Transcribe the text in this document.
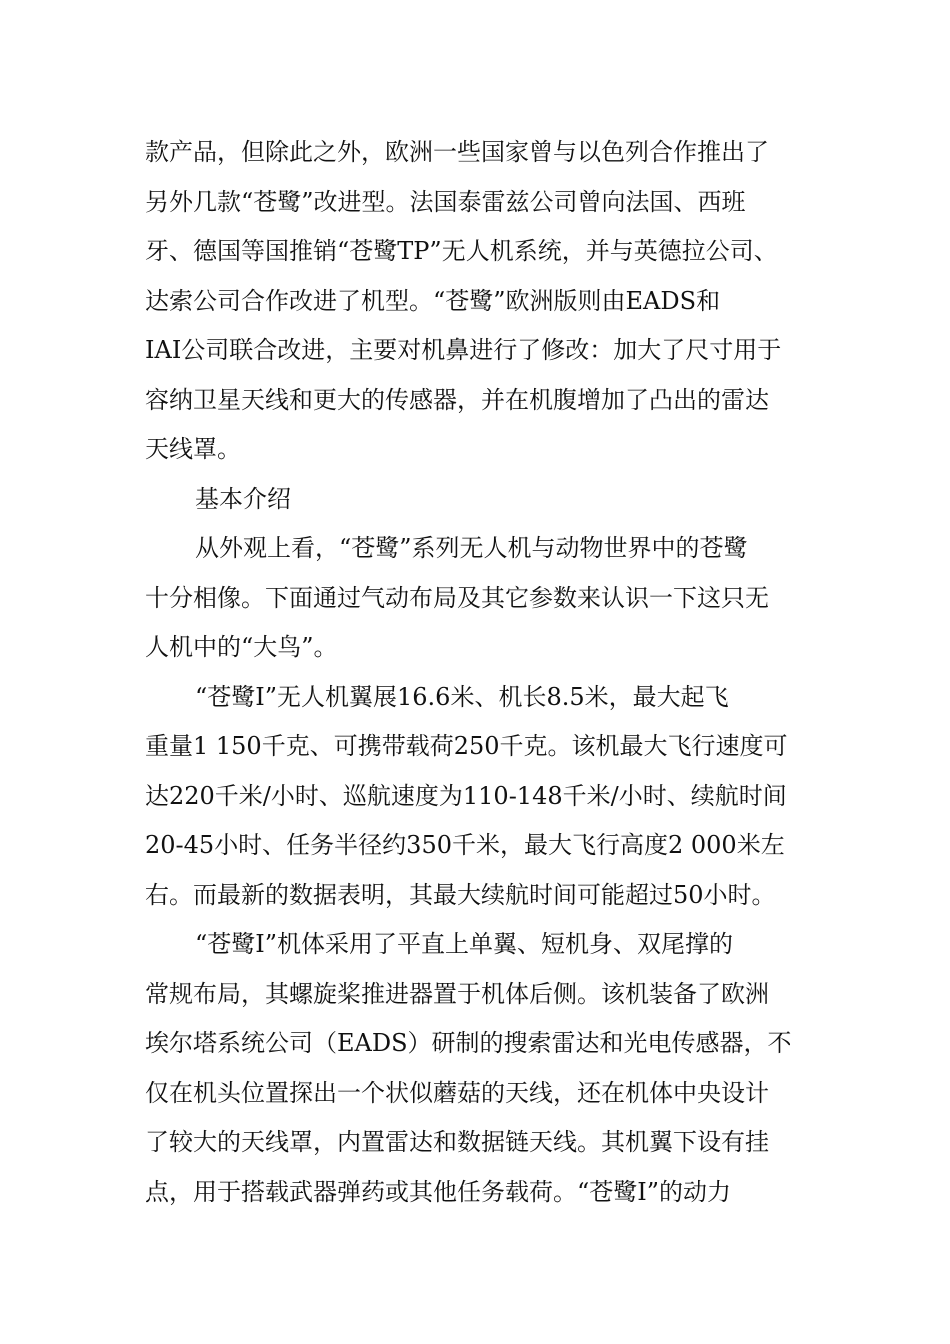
款产品，但除此之外，欧洲一些国家曾与以色列合作推出了
另外几款“苍鹭”改进型。法国泰雷兹公司曾向法国、西班
牙、德国等国推销“苍鹭TP”无人机系统，并与英德拉公司、
达索公司合作改进了机型。“苍鹭”欧洲版则由EADS和
IAI公司联合改进，主要对机鼻进行了修改：加大了尺寸用于
容纳卫星天线和更大的传感器，并在机腹增加了凸出的雷达
天线罩。
基本介绍
从外观上看，“苍鹭”系列无人机与动物世界中的苍鹭
十分相像。下面通过气动布局及其它参数来认识一下这只无
人机中的“大鸟”。
“苍鹭Ⅰ”无人机翼展16.6米、机长8.5米，最大起飞
重量1 150千克、可携带载荷250千克。该机最大飞行速度可
达220千米/小时、巡航速度为110-148千米/小时、续航时间
20-45小时、任务半径约350千米，最大飞行高度2 000米左
右。而最新的数据表明，其最大续航时间可能超过50小时。
“苍鹭Ⅰ”机体采用了平直上单翼、短机身、双尾撑的
常规布局，其螺旋桨推进器置于机体后侧。该机装备了欧洲
埃尔塔系统公司（EADS）研制的搜索雷达和光电传感器，不
仅在机头位置探出一个状似蘑菇的天线，还在机体中央设计
了较大的天线罩，内置雷达和数据链天线。其机翼下设有挂
点，用于搭载武器弹药或其他任务载荷。“苍鹭Ⅰ”的动力
